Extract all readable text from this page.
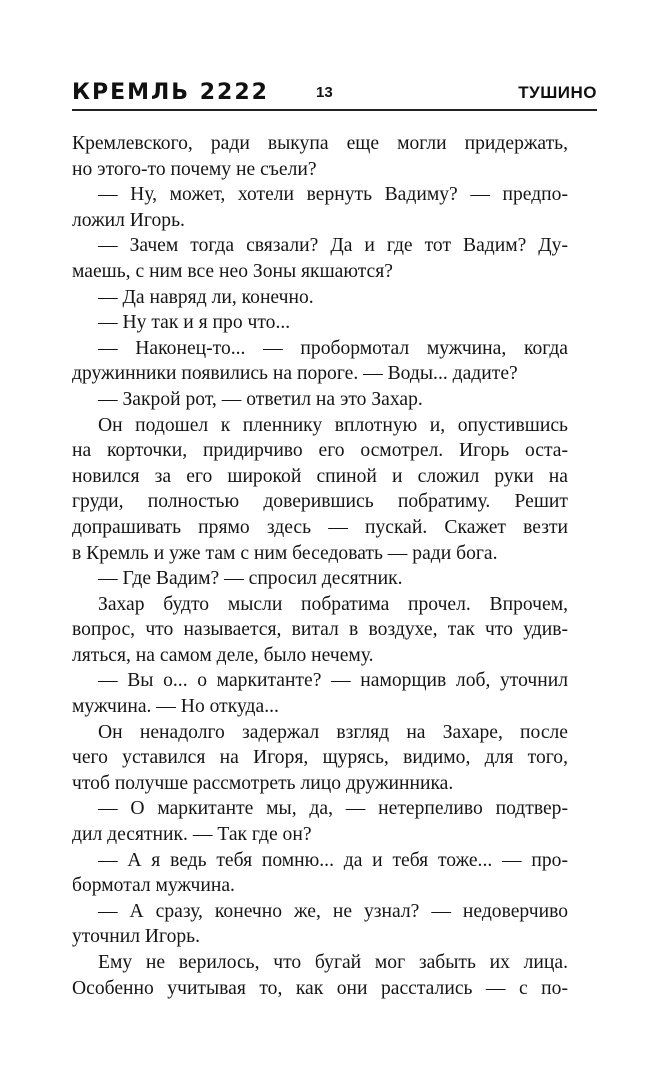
КРЕМЛЬ 2222	13	ТУШИНО
Кремлевского, ради выкупа еще могли придержать,
но этого-то почему не съели?
— Ну, может, хотели вернуть Вадиму? — предпо-
ложил Игорь.
— Зачем тогда связали? Да и где тот Вадим? Ду-
маешь, с ним все нео Зоны якшаются?
— Да навряд ли, конечно.
— Ну так и я про что...
— Наконец-то... — пробормотал мужчина, когда
дружинники появились на пороге. — Воды... дадите?
— Закрой рот, — ответил на это Захар.
Он подошел к пленнику вплотную и, опустившись
на корточки, придирчиво его осмотрел. Игорь оста-
новился за его широкой спиной и сложил руки на
груди, полностью доверившись побратиму. Решит
допрашивать прямо здесь — пускай. Скажет везти
в Кремль и уже там с ним беседовать — ради бога.
— Где Вадим? — спросил десятник.
Захар будто мысли побратима прочел. Впрочем,
вопрос, что называется, витал в воздухе, так что удив-
ляться, на самом деле, было нечему.
— Вы о... о маркитанте? — наморщив лоб, уточнил
мужчина. — Но откуда...
Он ненадолго задержал взгляд на Захаре, после
чего уставился на Игоря, щурясь, видимо, для того,
чтоб получше рассмотреть лицо дружинника.
— О маркитанте мы, да, — нетерпеливо подтвер-
дил десятник. — Так где он?
— А я ведь тебя помню... да и тебя тоже... — про-
бормотал мужчина.
— А сразу, конечно же, не узнал? — недоверчиво
уточнил Игорь.
Ему не верилось, что бугай мог забыть их лица.
Особенно учитывая то, как они расстались — с по-
